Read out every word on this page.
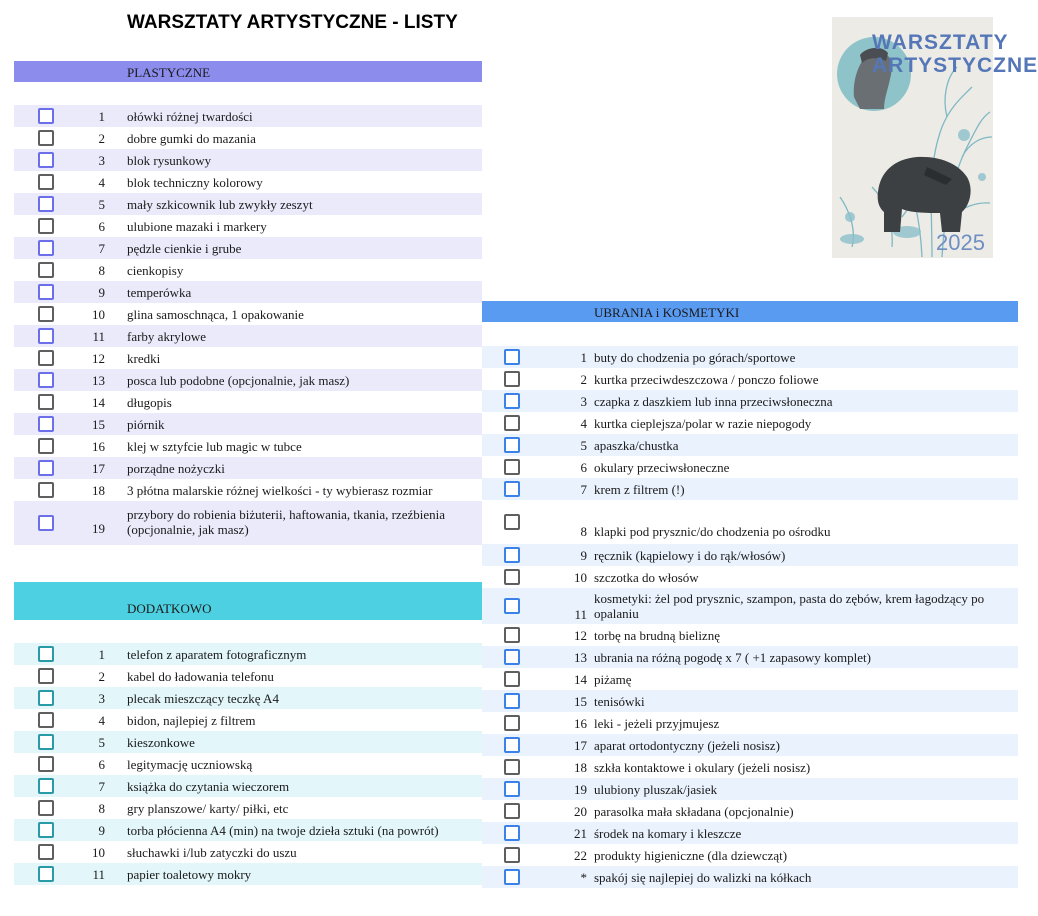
WARSZTATY ARTYSTYCZNE - LISTY
WARSZTATY
ARTYSTYCZNE
2025
PLASTYCZNE
1 ołówki różnej twardości
2 dobre gumki do mazania
3 blok rysunkowy
4 blok techniczny kolorowy
5 mały szkicownik lub zwykły zeszyt
6 ulubione mazaki i markery
7 pędzle cienkie i grube
8 cienkopisy
9 temperówka
10 glina samoschnąca, 1 opakowanie
11 farby akrylowe
12 kredki
13 posca lub podobne (opcjonalnie, jak masz)
14 długopis
15 piórnik
16 klej w sztyfcie lub magic w tubce
17 porządne nożyczki
18 3 płótna malarskie różnej wielkości - ty wybierasz rozmiar
19
przybory do robienia biżuterii, haftowania, tkania, rzeźbienia (opcjonalnie, jak masz)
DODATKOWO
1 telefon z aparatem fotograficznym
2 kabel do ładowania telefonu
3 plecak mieszczący teczkę A4
4 bidon, najlepiej z filtrem
5 kieszonkowe
6 legitymację uczniowską
7 książka do czytania wieczorem
8 gry planszowe/ karty/ piłki, etc
9 torba płócienna A4 (min) na twoje dzieła sztuki (na powrót)
10 słuchawki i/lub zatyczki do uszu
11 papier toaletowy mokry
UBRANIA i KOSMETYKI
1 buty do chodzenia po górach/sportowe
2 kurtka przeciwdeszczowa / ponczo foliowe
3 czapka z daszkiem lub inna przeciwsłoneczna
4 kurtka cieplejsza/polar w razie niepogody
5 apaszka/chustka
6 okulary przeciwsłoneczne
7 krem z filtrem (!)
8 klapki pod prysznic/do chodzenia po ośrodku
9 ręcznik (kąpielowy i do rąk/włosów)
10 szczotka do włosów
11
kosmetyki: żel pod prysznic, szampon, pasta do zębów, krem łagodzący po opalaniu
12 torbę na brudną bieliznę
13 ubrania na różną pogodę x 7 ( +1 zapasowy komplet)
14 piżamę
15 tenisówki
16 leki - jeżeli przyjmujesz
17 aparat ortodontyczny (jeżeli nosisz)
18 szkła kontaktowe i okulary (jeżeli nosisz)
19 ulubiony pluszak/jasiek
20 parasolka mała składana (opcjonalnie)
21 środek na komary i kleszcze
22 produkty higieniczne (dla dziewcząt)
* spakój się najlepiej do walizki na kółkach
